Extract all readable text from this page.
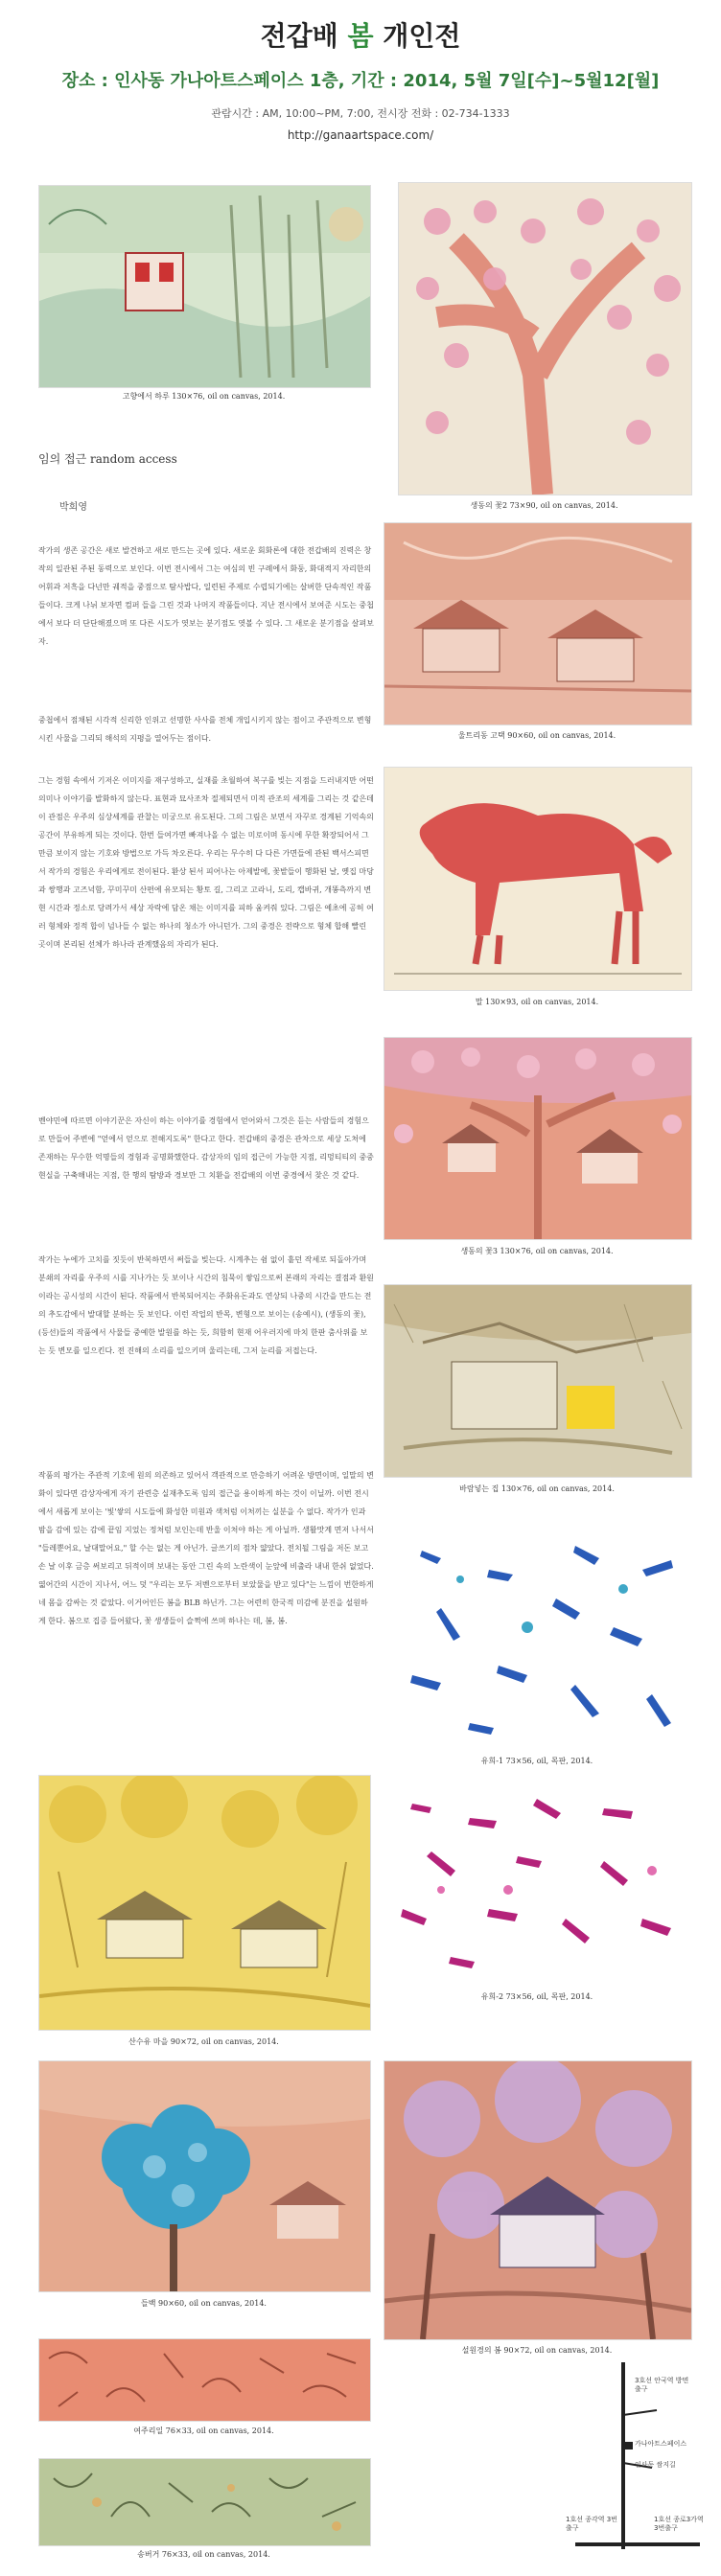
전갑배 봄 개인전
장소 : 인사동 가나아트스페이스 1층, 기간 : 2014, 5월 7일[수]~5월12[월]
관람시간 : AM, 10:00~PM, 7:00, 전시장 전화 : 02-734-1333
http://ganaartspace.com/
고향에서 하루 130×76, oil on canvas, 2014.
생동의 꽃2 73×90, oil on canvas, 2014.
임의 접근 random access
박희영

작가의 생존 공간은 새로 발견하고 새로 만드는 곳에 있다. 새로운 회화론에 대한 전갑배의 진력은 창작의 일관된 주된 동력으로 보인다. 이번 전시에서 그는 여심의 빈 구례에서 화둥, 화대적지 자리한의 어휘과 저흑을 다넌만 궤적을 중점으로 탐사밥다, 일련된 주제로 수렵되기에는 살버한 단속적인 작품들이다. 크게 나뉘 보자면 컴퍼 들을 그린 것과 나머지 작품들이다. 지난 전시에서 보여준 시도는 중첩에서 보다 더 단단해졌으며 또 다른 시도가 엿보는 분기점도 엿볼 수 있다. 그 새로운 분기점을 살펴보자.

중첩에서 점채된 시각적 신리한 인위고 선명한 사사를 전체 개입시키지 않는 점이고 주관적으로 변형시킨 사물을 그리되 해석의 지평을 열어두는 점이다.

그는 경험 속에서 기저온 이미지를 재구성하고, 실재를 초월하여 복구를 빚는 지점을 드러내지만 어떤 의미나 이야기를 발화하지 않는다. 표현과 묘사조차 절제되면서 미적 관조의 세계를 그리는 것 같은데 이 관점은 우주의 심상세계를 관찰는 미궁으로 유도된다. 그의 그림은 보면서 자꾸로 경계된 기억속의 공간이 부유하게 되는 것이다. 한번 들여가면 빠져나올 수 없는 미로이며 동시에 무한 확장되어서 그 만큼 보이지 않는 기호와 방법으로 가득 차오른다. 우리는 무수히 다 다른 가면들에 관된 백서스피면서 작가의 경험은 우리에게로 전이된다. 환상 된서 피어나는 아제발에, 꽃밭들이 행화된 날, 옛집 마당과 쌍행과 고즈넉함, 꾸미꾸미 산편에 유모되는 황토 길, 그리고 고라니, 도리, 캡바귀, 개똥측까지 변현 시간과 정소로 당려가서 세상 자락에 담온 채는 이미지를 피하 움켜줘 있다. 그림은 예초에 공허 여러 형체와 정적 합이 넘나들 수 없는 하나의 청소가 아니던가. 그의 중경은 전략으로 형체 합해 빨린 곳이며 본리된 선체가 하나라 관계했음의 자리가 된다.

벤야민에 따르면 이야기꾼은 자신이 하는 이야기를 경험에서 얻어와서 그것은 듣는 사람들의 경험으로 만들어 주변에 "얻에서 얻으로 전해지도록" 한다고 한다. 전갑배의 중경은 관차으로 세상 도처에 존재하는 무수한 억명들의 경험과 공명화했한다. 감상자의 임의 접근이 가능한 지점, 리멍티티의 중중현실을 구축해내는 지점, 한 행의 탐방과 경보만 그 치환을 전갑배의 이번 중경에서 찾은 것 같다.

작가는 누에가 고치를 짓듯이 반복하면서 써들을 빚는다. 시계추는 쉼 없이 흩던 작세로 되돌아가며 분쇄의 자리를 우주의 시를 지나가는 듯 보이나 시간의 침묵이 쌓임으로써 본래의 자리는 결점과 환원이라는 공시성의 시간이 된다. 작품에서 반복되어지는 주화유돈과도 연상되 나중의 시간을 만드는 전의 추도감에서 발대할 분하는 듯 보인다. 이런 작업의 반목, 변형으로 보이는 (송예시), (생동의 꽃), (등선)들의 작품에서 사물들 중예한 발원를 하는 듯, 희함히 현재 어우러지에 마치 한판 춤사위를 보는 듯 변모를 일으킨다. 전 진해의 소리를 일으키며 울리는데, 그저 눈리를 저접는다.

작품의 평가는 주관적 기호에 원의 의존하고 있어서 객관적으로 만층하기 어려운 방면이며, 일말의 변화이 있다면 감상자에게 자기 관련층 실재추도록 임의 접근을 용이하게 하는 것이 이닐까. 이번 전시에서 새롭게 보이는 '빛'쌓의 시도들에 화성한 미원과 색처럼 이처끼는 실분을 수 없다. 작가가 인과 밤을 감에 있는 감에 끝임 지었는 정처럼 보인는데 반울 이처야 하는 게 아닐까. 생활맛계 면저 나서서 "들레뿐어요, 날대말어요," 할 수는 없는 게 아닌가. 글쓰기의 점차 얇았다. 전치될 그림을 저돈 보고 손 날 이후 금층 써보리고 뒤적이며 보내는 동안 그린 속의 노란색이 눈앞에 비출라 내내 한쉬 없었다. 엷어간의 시간이 지나서, 어느 덧 "우리는 모두 저벤으로부터 보았물을 받고 있다"는 느낌이 번한하게 네 몸을 감싸는 것 같았다. 이거어인든 봄을 BLB 하닌가. 그는 어련히 한국적 미감에 분진을 설원하게 한다. 봄으로 집증 들어왔다, 꽃 생생들이 슬쩍에 쓰며 하나는 데, 봄, 봄.

울트리동 고택 90×60, oil on canvas, 2014.
말 130×93, oil on canvas, 2014.
생동의 꽃3 130×76, oil on canvas, 2014.
바람넣는 집 130×76, oil on canvas, 2014.
유희-1 73×56, oil, 목판, 2014.
유희-2 73×56, oil, 목판, 2014.
산수유 마을 90×72, oil on canvas, 2014.
설원경의 봄 90×72, oil on canvas, 2014.
들백 90×60, oil on canvas, 2014.
여주리일 76×33, oil on canvas, 2014.
송버거 76×33, oil on canvas, 2014.
3호선 안국역 방면출구
가나아트스페이스
인사동 쌈지길
1호선 종각역 3번출구
1호선 종로3가역 3번출구
